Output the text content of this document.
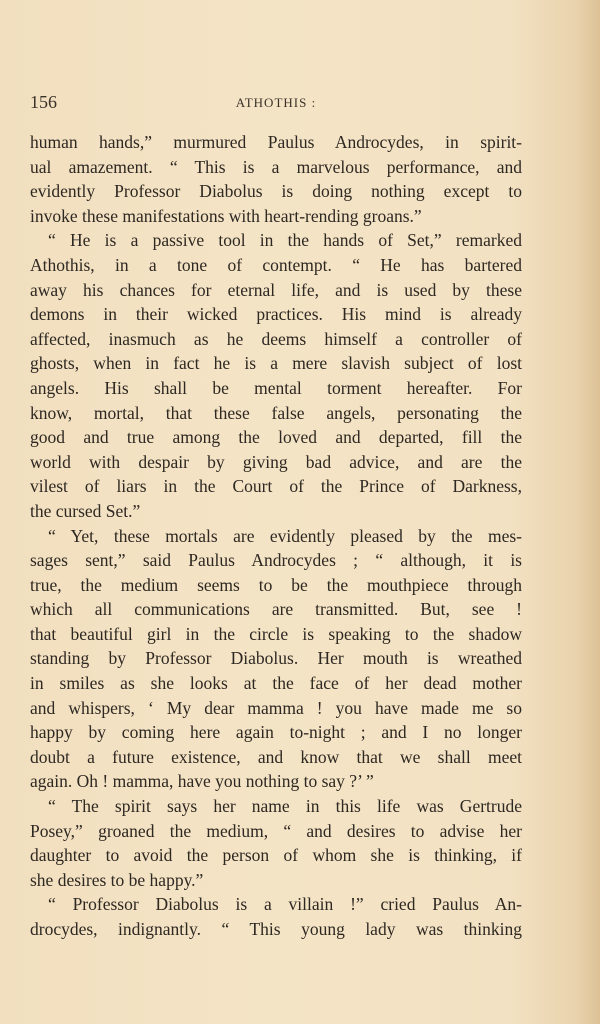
156	ATHOTHIS :
human hands,” murmured Paulus Androcydes, in spirit-
ual amazement. “ This is a marvelous performance, and
evidently Professor Diabolus is doing nothing except to
invoke these manifestations with heart-rending groans.”
“ He is a passive tool in the hands of Set,” remarked
Athothis, in a tone of contempt. “ He has bartered
away his chances for eternal life, and is used by these
demons in their wicked practices. His mind is already
affected, inasmuch as he deems himself a controller of
ghosts, when in fact he is a mere slavish subject of lost
angels. His shall be mental torment hereafter. For
know, mortal, that these false angels, personating the
good and true among the loved and departed, fill the
world with despair by giving bad advice, and are the
vilest of liars in the Court of the Prince of Darkness,
the cursed Set.”
“ Yet, these mortals are evidently pleased by the mes-
sages sent,” said Paulus Androcydes ; “ although, it is
true, the medium seems to be the mouthpiece through
which all communications are transmitted. But, see !
that beautiful girl in the circle is speaking to the shadow
standing by Professor Diabolus. Her mouth is wreathed
in smiles as she looks at the face of her dead mother
and whispers, ‘ My dear mamma ! you have made me so
happy by coming here again to-night ; and I no longer
doubt a future existence, and know that we shall meet
again. Oh ! mamma, have you nothing to say ?’ ”
“ The spirit says her name in this life was Gertrude
Posey,” groaned the medium, “ and desires to advise her
daughter to avoid the person of whom she is thinking, if
she desires to be happy.”
“ Professor Diabolus is a villain !” cried Paulus An-
drocydes, indignantly. “ This young lady was thinking
